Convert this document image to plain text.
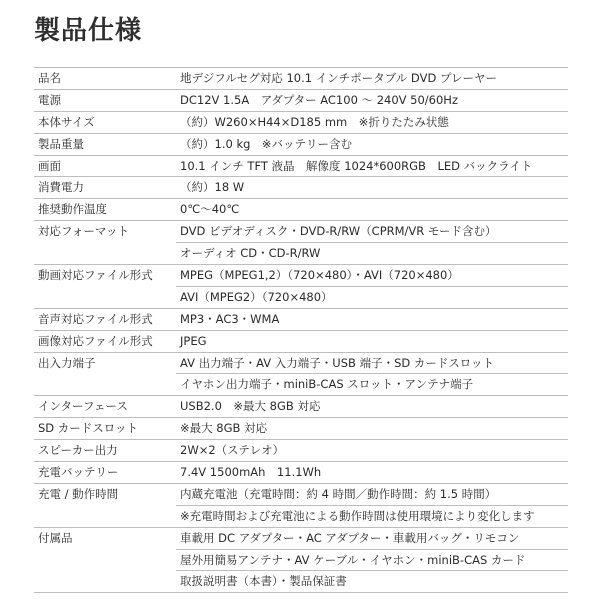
製品仕様
品名	地デジフルセグ対応 10.1 インチポータブル DVD プレーヤー
電源	DC12V 1.5A　アダプター AC100 ～ 240V 50/60Hz
本体サイズ	（約）W260×H44×D185 mm　※折りたたみ状態
製品重量	（約）1.0 kg　※バッテリー含む
画面	10.1 インチ TFT 液晶　解像度 1024*600RGB　LED バックライト
消費電力	（約）18 W
推奨動作温度	0℃～40℃
対応フォーマット	DVD ビデオディスク・DVD-R/RW（CPRM/VR モード含む）
オーディオ CD・CD-R/RW
動画対応ファイル形式	MPEG（MPEG1,2）（720×480）・AVI（720×480）
AVI（MPEG2）（720×480）
音声対応ファイル形式	MP3・AC3・WMA
画像対応ファイル形式	JPEG
出入力端子	AV 出力端子・AV 入力端子・USB 端子・SD カードスロット
イヤホン出力端子・miniB-CAS スロット・アンテナ端子
インターフェース	USB2.0　※最大 8GB 対応
SD カードスロット	※最大 8GB 対応
スピーカー出力	2W×2（ステレオ）
充電バッテリー	7.4V 1500mAh　11.1Wh
充電 / 動作時間	内蔵充電池（充電時間：約 4 時間／動作時間：約 1.5 時間）
※充電時間および充電池による動作時間は使用環境により変化します
付属品	車載用 DC アダプター・AC アダプター・車載用バッグ・リモコン
屋外用簡易アンテナ・AV ケーブル・イヤホン・miniB-CAS カード
取扱説明書（本書）・製品保証書
